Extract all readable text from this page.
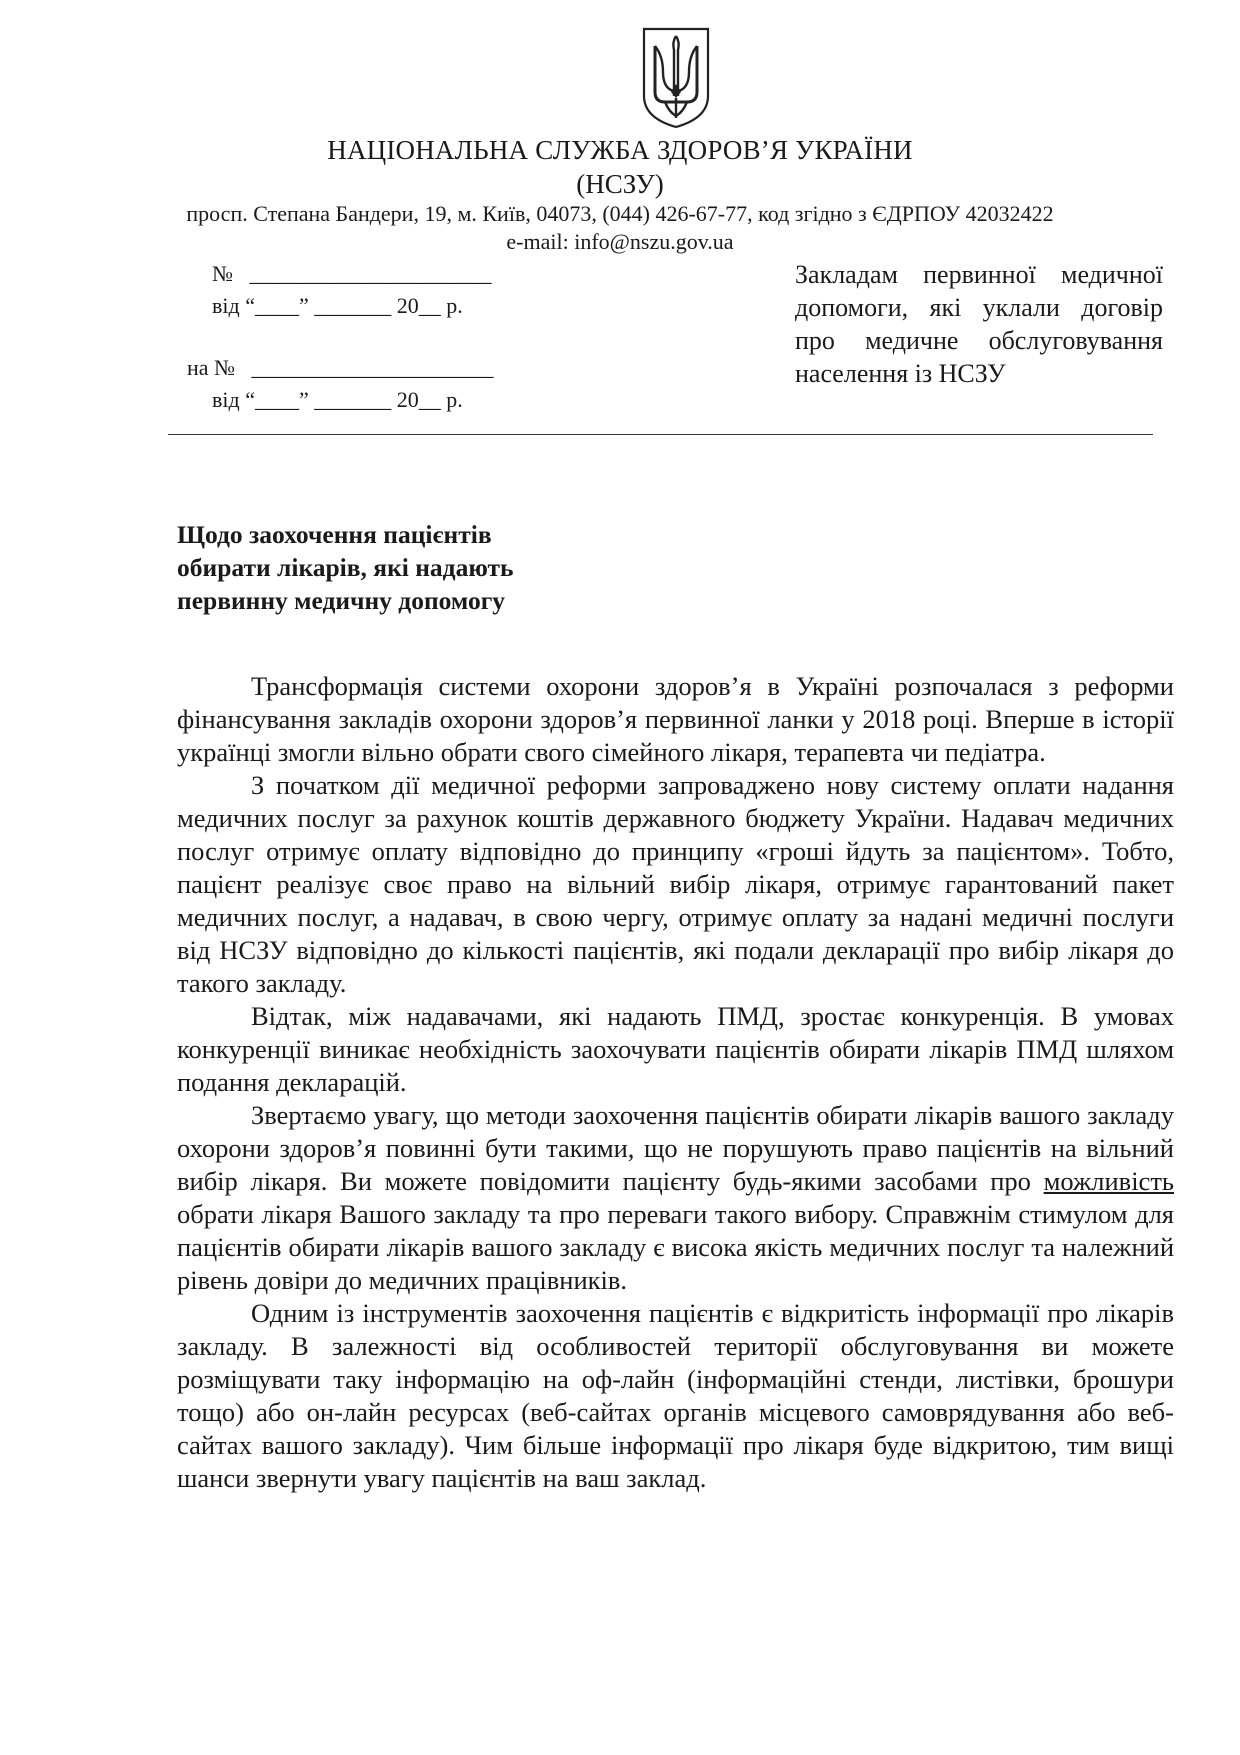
НАЦІОНАЛЬНА СЛУЖБА ЗДОРОВ’Я УКРАЇНИ
(НСЗУ)
просп. Степана Бандери, 19, м. Київ, 04073, (044) 426-67-77, код згідно з ЄДРПОУ 42032422
e-mail: info@nszu.gov.ua
№   ______________________
від “____” _______ 20__ р.
на №   ______________________
від “____” _______ 20__ р.
Закладам первинної медичної
допомоги, які уклали договір
про медичне обслуговування
населення із НСЗУ
Щодо заохочення пацієнтів
обирати лікарів, які надають
первинну медичну допомогу

Трансформація системи охорони здоров’я в Україні розпочалася з реформи фінансування закладів охорони здоров’я первинної ланки у 2018 році. Вперше в історії українці змогли вільно обрати свого сімейного лікаря, терапевта чи педіатра.

З початком дії медичної реформи запроваджено нову систему оплати надання медичних послуг за рахунок коштів державного бюджету України. Надавач медичних послуг отримує оплату відповідно до принципу «гроші йдуть за пацієнтом». Тобто, пацієнт реалізує своє право на вільний вибір лікаря, отримує гарантований пакет медичних послуг, а надавач, в свою чергу, отримує оплату за надані медичні послуги від НСЗУ відповідно до кількості пацієнтів, які подали декларації про вибір лікаря до такого закладу.

Відтак, між надавачами, які надають ПМД, зростає конкуренція. В умовах конкуренції виникає необхідність заохочувати пацієнтів обирати лікарів ПМД шляхом подання декларацій.

Звертаємо увагу, що методи заохочення пацієнтів обирати лікарів вашого закладу охорони здоров’я повинні бути такими, що не порушують право пацієнтів на вільний вибір лікаря. Ви можете повідомити пацієнту будь-якими засобами про можливість обрати лікаря Вашого закладу та про переваги такого вибору. Справжнім стимулом для пацієнтів обирати лікарів вашого закладу є висока якість медичних послуг та належний рівень довіри до медичних працівників.

Одним із інструментів заохочення пацієнтів є відкритість інформації про лікарів закладу. В залежності від особливостей території обслуговування ви можете розміщувати таку інформацію на оф-лайн (інформаційні стенди, листівки, брошури тощо) або он-лайн ресурсах (веб-сайтах органів місцевого самоврядування або веб-сайтах вашого закладу). Чим більше інформації про лікаря буде відкритою, тим вищі шанси звернути увагу пацієнтів на ваш заклад.
